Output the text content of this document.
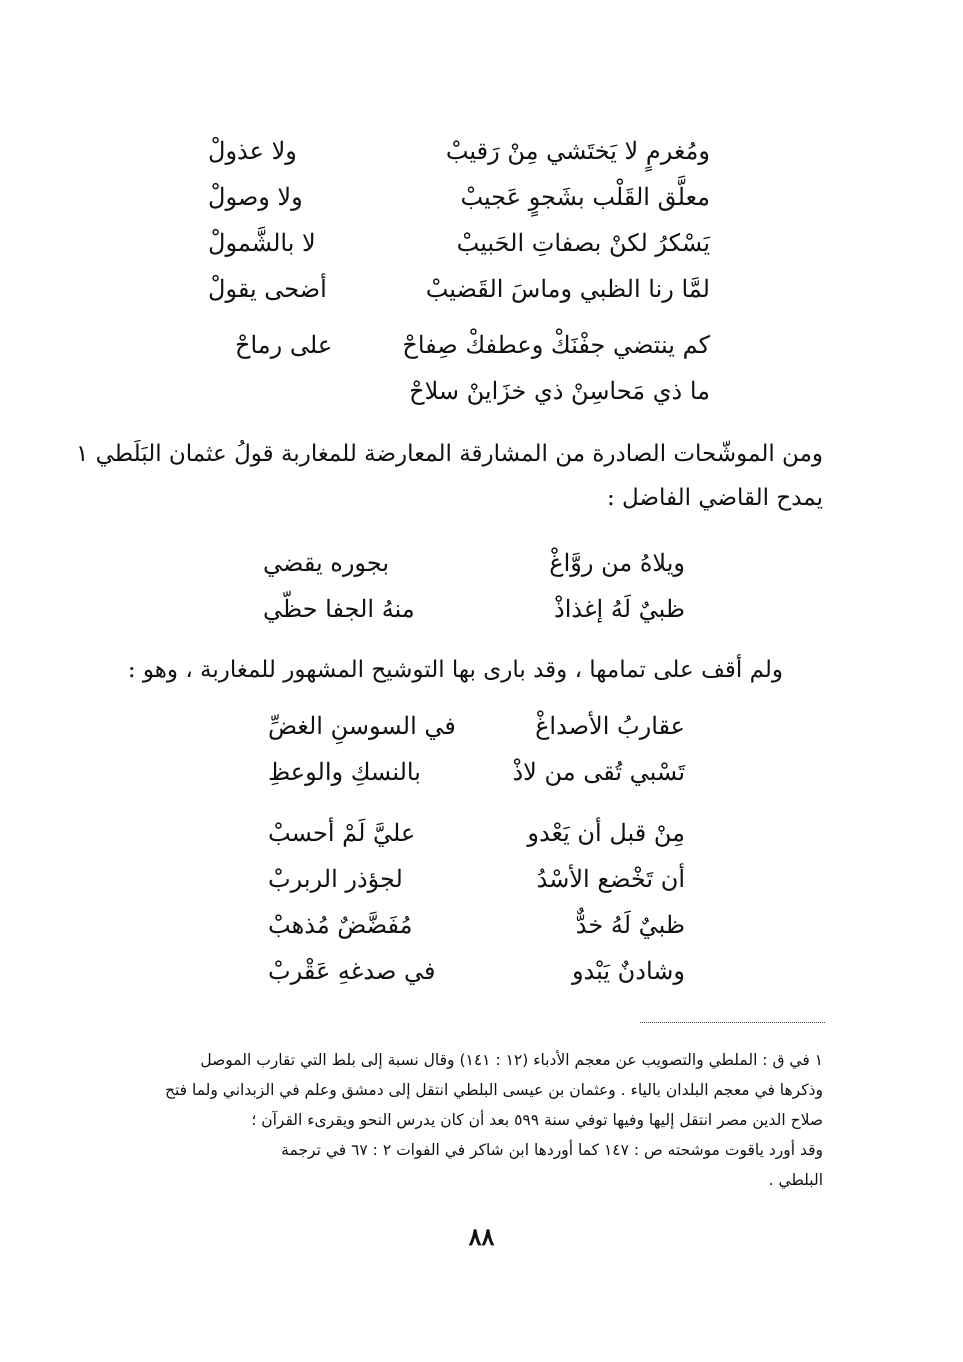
ومُغرمٍ لا يَختَشي مِنْ رَقيبْ
ولا عذولْ
معلَّق القَلْب بشَجوٍ عَجيبْ
ولا وصولْ
يَسْكرُ لكنْ بصفاتِ الحَبيبْ
لا بالشَّمولْ
لمَّا رنا الظبي وماسَ القَضيبْ
أضحى يقولْ
كم ينتضي جفْنَكْ وعطفكْ صِفاحْ
على رماحْ
ما ذي مَحاسِنْ ذي خزَاينْ سلاحْ
ومن الموشّحات الصادرة من المشارقة المعارضة للمغاربة قولُ عثمان البَلَطي ١
يمدح القاضي الفاضل :
ويلاهُ من روَّاغْ
بجوره يقضي
ظبيٌ لَهُ إغذاذْ
منهُ الجفا حظّي
ولم أقف على تمامها ، وقد بارى بها التوشيح المشهور للمغاربة ، وهو :
عقاربُ الأصداغْ
في السوسنِ الغضِّ
تَسْبي تُقى من لاذْ
بالنسكِ والوعظِ
مِنْ قبل أن يَعْدو
عليَّ لَمْ أحسبْ
أن تَخْضع الأسْدُ
لجؤذر الربربْ
ظبيٌ لَهُ خدٌّ
مُفَضَّضٌ مُذهبْ
وشادنٌ يَبْدو
في صدغهِ عَقْربْ

١ في ق : الملطي والتصويب عن معجم الأدباء (١٢ : ١٤١) وقال نسبة إلى بلط التي تقارب الموصل

وذكرها في معجم البلدان بالياء . وعثمان بن عيسى البلطي انتقل إلى دمشق وعلم في الزبداني ولما فتح

صلاح الدين مصر انتقل إليها وفيها توفي سنة ٥٩٩ بعد أن كان يدرس النحو ويقرىء القرآن ؛

وقد أورد ياقوت موشحته ص : ١٤٧ كما أوردها ابن شاكر في الفوات ٢ : ٦٧ في ترجمة

البلطي .

٨٨
